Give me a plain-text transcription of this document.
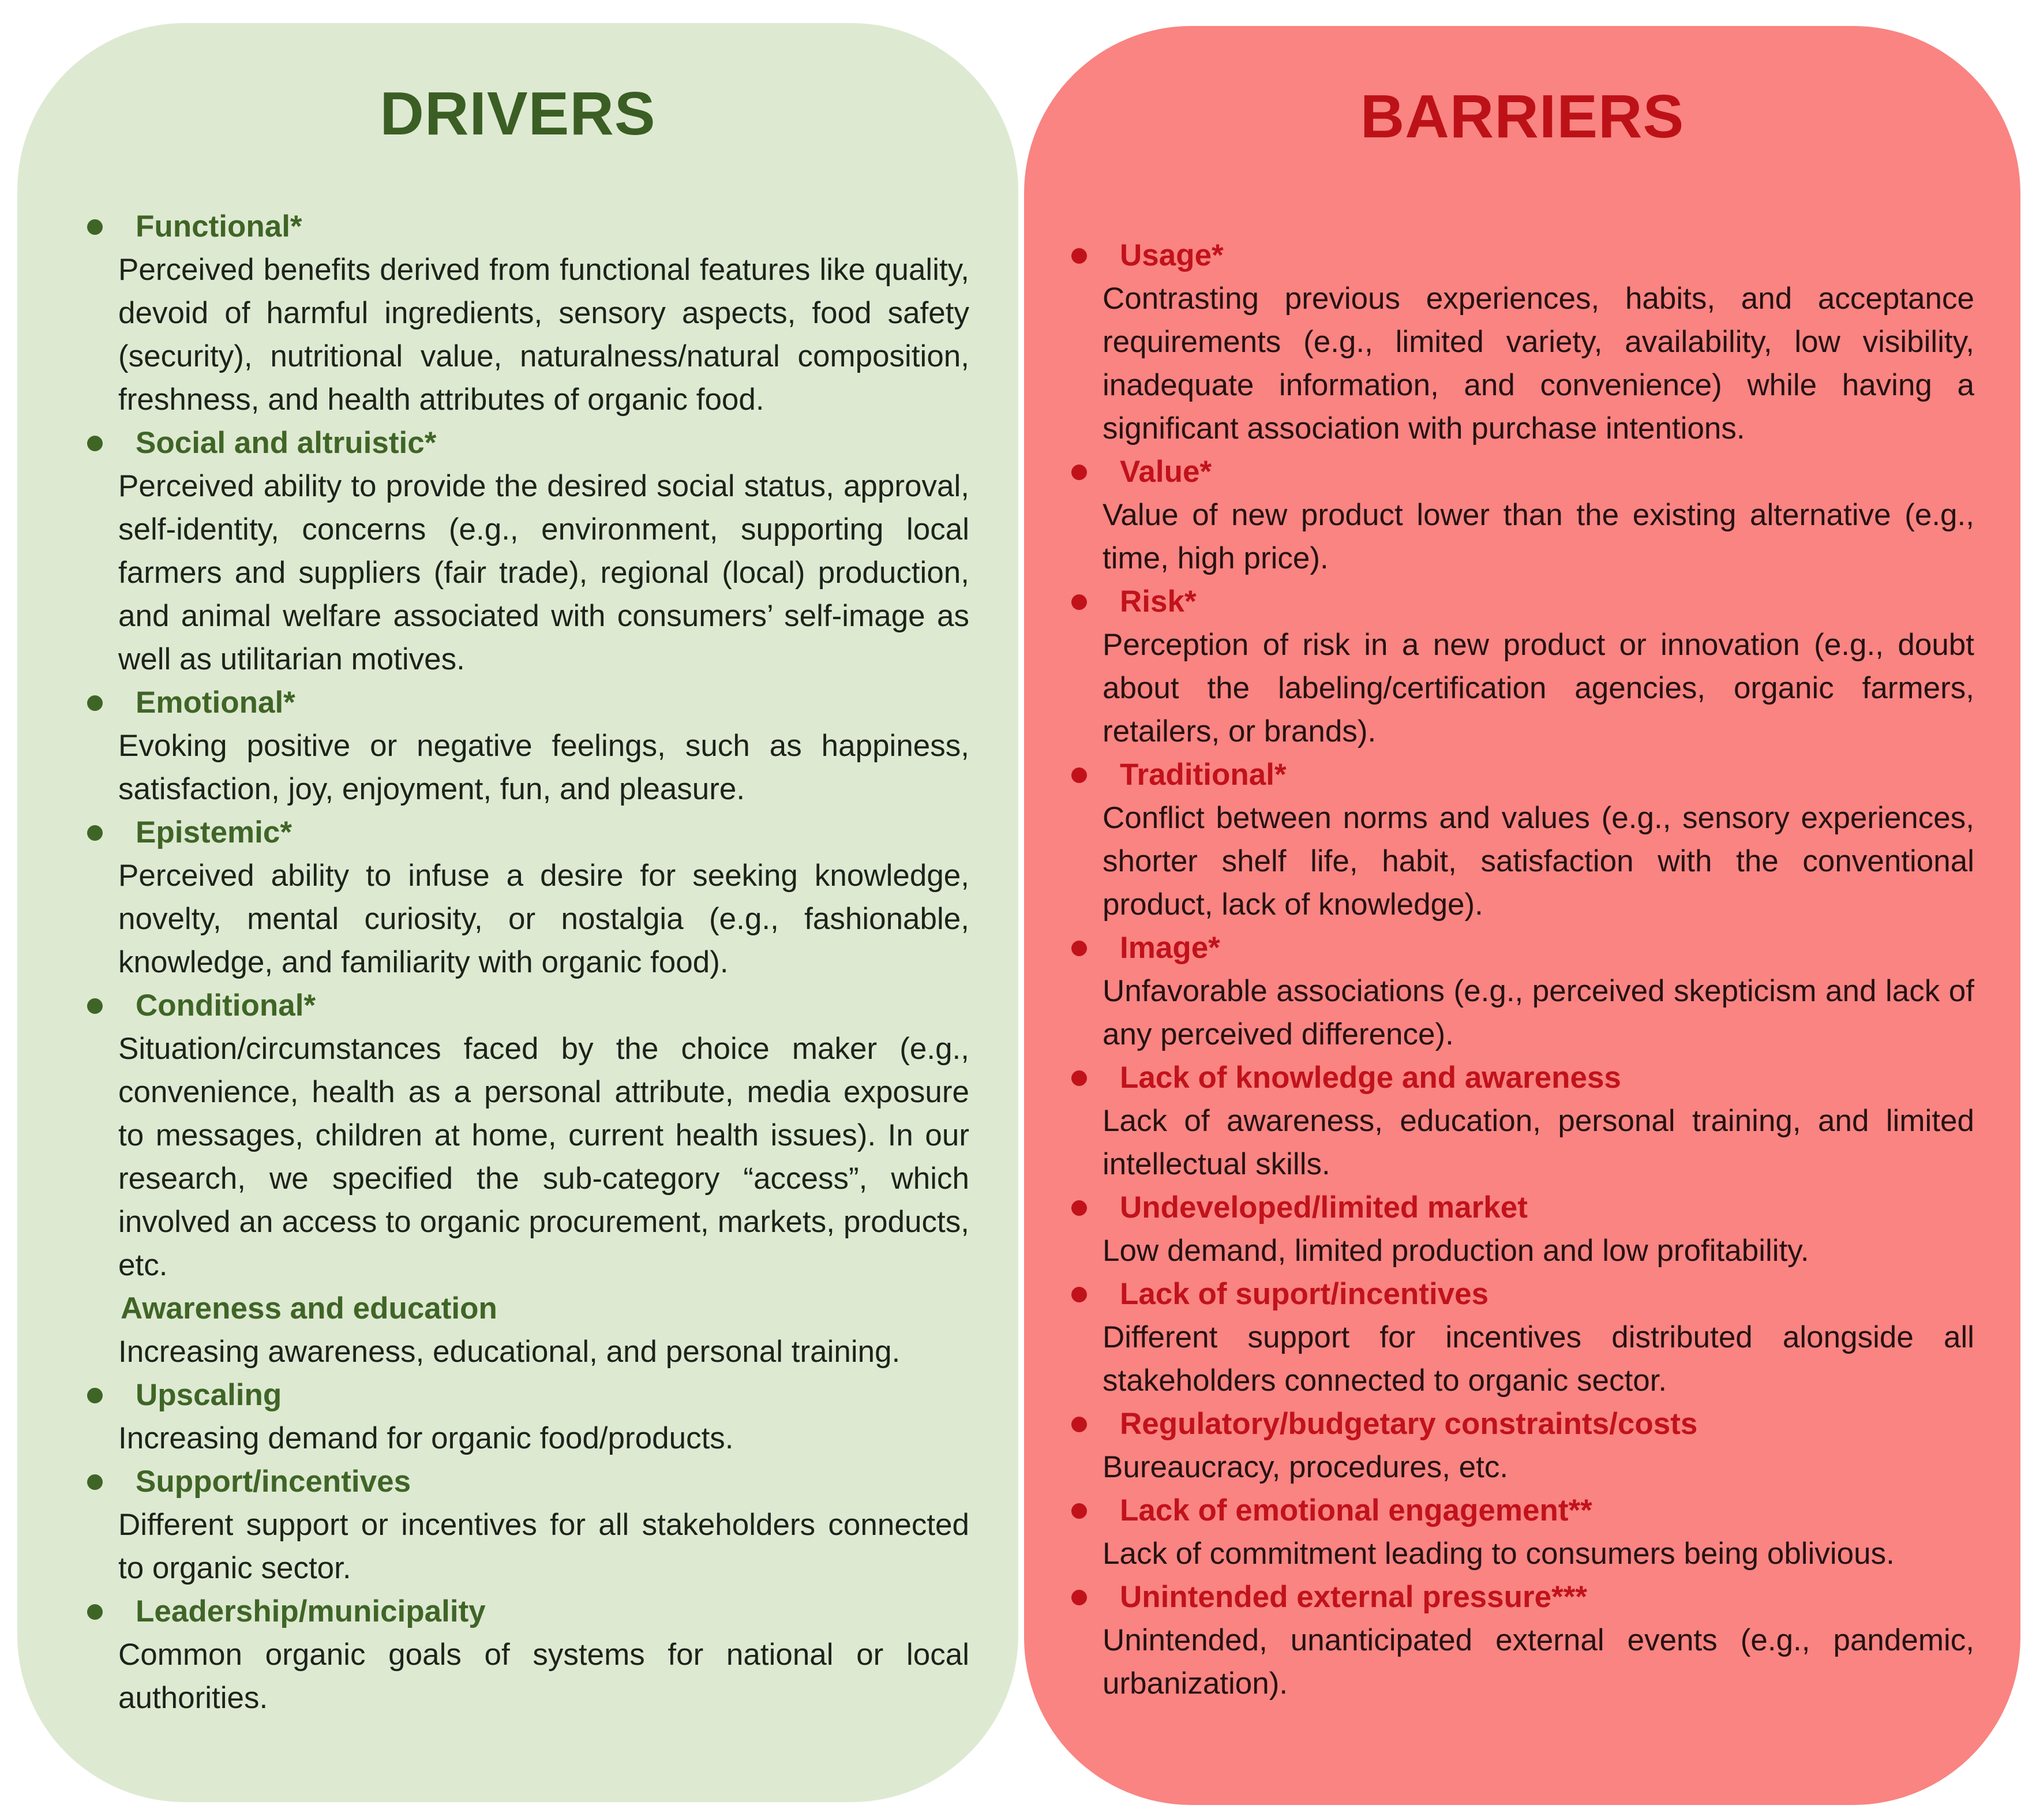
DRIVERS
Functional*
Perceived benefits derived from functional features like quality, devoid of harmful ingredients, sensory aspects, food safety (security), nutritional value, naturalness/natural composition, freshness, and health attributes of organic food.
Social and altruistic*
Perceived ability to provide the desired social status, approval, self-identity, concerns (e.g., environment, supporting local farmers and suppliers (fair trade), regional (local) production, and animal welfare associated with consumers’ self-image as well as utilitarian motives.
Emotional*
Evoking positive or negative feelings, such as happiness, satisfaction, joy, enjoyment, fun, and pleasure.
Epistemic*
Perceived ability to infuse a desire for seeking knowledge, novelty, mental curiosity, or nostalgia (e.g., fashionable, knowledge, and familiarity with organic food).
Conditional*
Situation/circumstances faced by the choice maker (e.g., convenience, health as a personal attribute, media exposure to messages, children at home, current health issues). In our research, we specified the sub-category “access”, which involved an access to organic procurement, markets, products, etc.
Awareness and education
Increasing awareness, educational, and personal training.
Upscaling
Increasing demand for organic food/products.
Support/incentives
Different support or incentives for all stakeholders connected to organic sector.
Leadership/municipality
Common organic goals of systems for national or local authorities.
BARRIERS
Usage*
Contrasting previous experiences, habits, and acceptance requirements (e.g., limited variety, availability, low visibility, inadequate information, and convenience) while having a significant association with purchase intentions.
Value*
Value of new product lower than the existing alternative (e.g., time, high price).
Risk*
Perception of risk in a new product or innovation (e.g., doubt about the labeling/certification agencies, organic farmers, retailers, or brands).
Traditional*
Conflict between norms and values (e.g., sensory experiences, shorter shelf life, habit, satisfaction with the conventional product, lack of knowledge).
Image*
Unfavorable associations (e.g., perceived skepticism and lack of any perceived difference).
Lack of knowledge and awareness
Lack of awareness, education, personal training, and limited intellectual skills.
Undeveloped/limited market
Low demand, limited production and low profitability.
Lack of suport/incentives
Different support for incentives distributed alongside all stakeholders connected to organic sector.
Regulatory/budgetary constraints/costs
Bureaucracy, procedures, etc.
Lack of emotional engagement**
Lack of commitment leading to consumers being oblivious.
Unintended external pressure***
Unintended, unanticipated external events (e.g., pandemic, urbanization).
